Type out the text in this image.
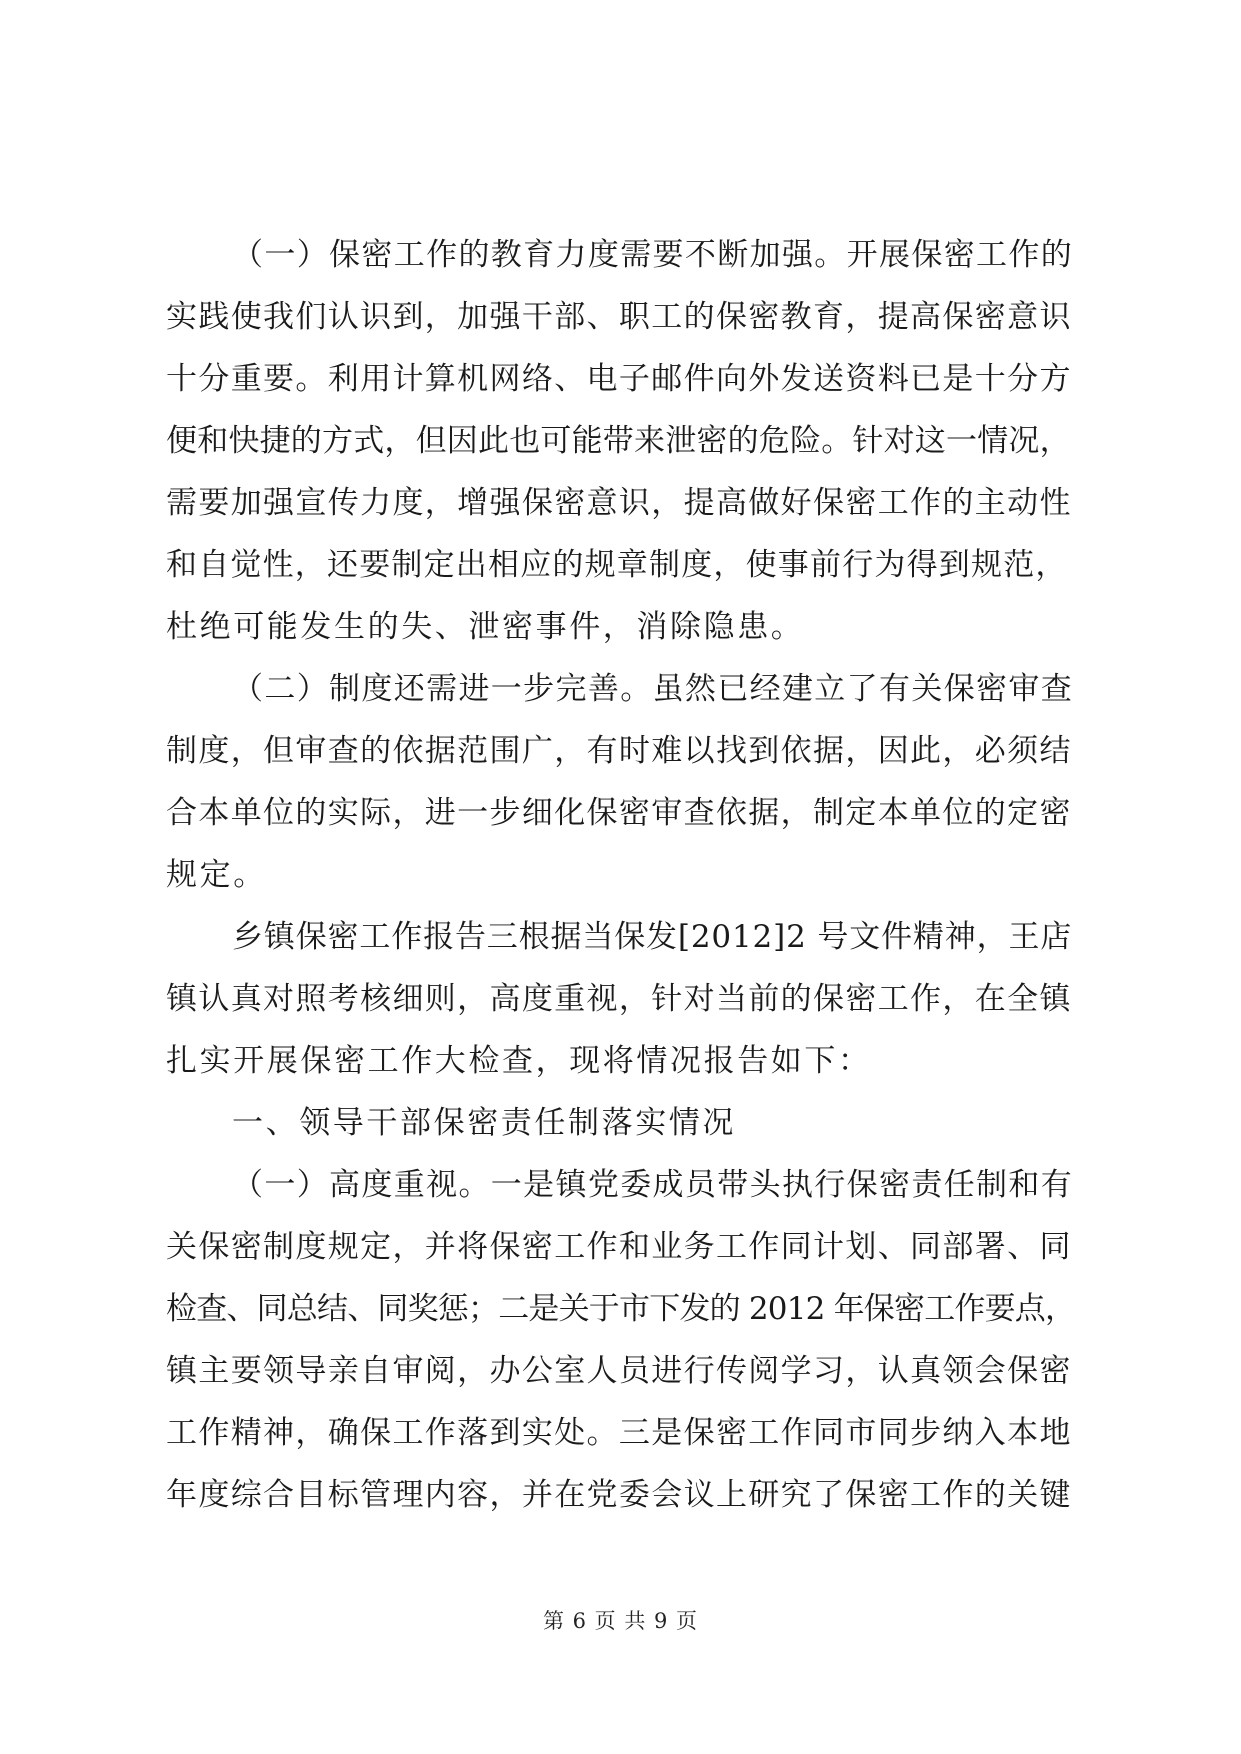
（一）保密工作的教育力度需要不断加强。开展保密工作的
实践使我们认识到，加强干部、职工的保密教育，提高保密意识
十分重要。利用计算机网络、电子邮件向外发送资料已是十分方
便和快捷的方式，但因此也可能带来泄密的危险。针对这一情况，
需要加强宣传力度，增强保密意识，提高做好保密工作的主动性
和自觉性，还要制定出相应的规章制度，使事前行为得到规范，
杜绝可能发生的失、泄密事件，消除隐患。
（二）制度还需进一步完善。虽然已经建立了有关保密审查
制度，但审查的依据范围广，有时难以找到依据，因此，必须结
合本单位的实际，进一步细化保密审查依据，制定本单位的定密
规定。
乡镇保密工作报告三根据当保发[2012]2 号文件精神，王店
镇认真对照考核细则，高度重视，针对当前的保密工作，在全镇
扎实开展保密工作大检查，现将情况报告如下：
一、领导干部保密责任制落实情况
（一）高度重视。一是镇党委成员带头执行保密责任制和有
关保密制度规定，并将保密工作和业务工作同计划、同部署、同
检查、同总结、同奖惩；二是关于市下发的 2012 年保密工作要点，
镇主要领导亲自审阅，办公室人员进行传阅学习，认真领会保密
工作精神，确保工作落到实处。三是保密工作同市同步纳入本地
年度综合目标管理内容，并在党委会议上研究了保密工作的关键
第 6 页 共 9 页
